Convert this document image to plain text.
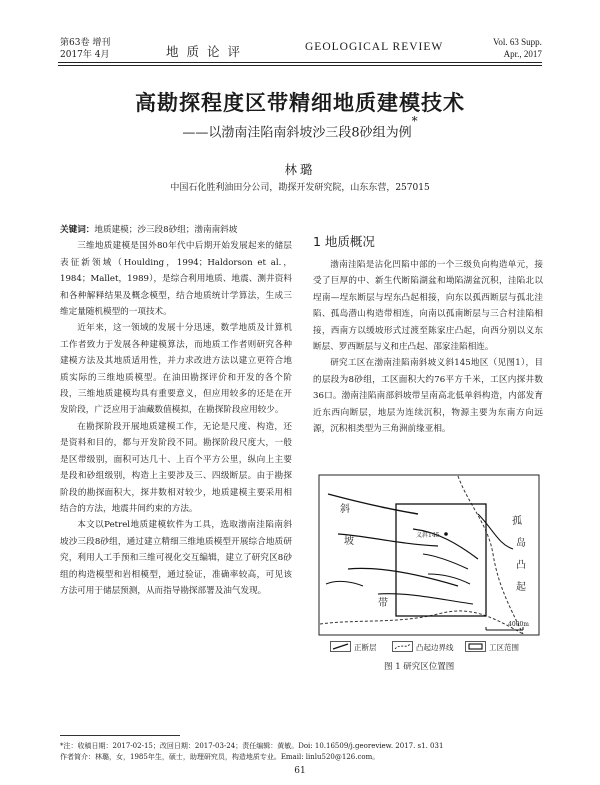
第63卷 增刊
2017年 4月	地质论评	GEOLOGICAL REVIEW	Vol. 63 Supp.
Apr., 2017
高勘探程度区带精细地质建模技术
——以渤南洼陷南斜坡沙三段8砂组为例*
林璐
中国石化胜利油田分公司，勘探开发研究院，山东东营，257015

关键词：地质建模；沙三段8砂组；渤南南斜坡

三维地质建模是国外80年代中后期开始发展起来的储层表征新领域（Houlding，1994；Haldorson et al.，1984；Mallet，1989），是综合利用地质、地震、测井资料和各种解释结果及概念模型，结合地质统计学算法，生成三维定量随机模型的一项技术。

近年来，这一领域的发展十分迅速，数学地质及计算机工作者致力于发展各种建模算法，而地质工作者则研究各种建模方法及其地质适用性，并力求改进方法以建立更符合地质实际的三维地质模型。在油田勘探评价和开发的各个阶段，三维地质建模均具有重要意义，但应用较多的还是在开发阶段，广泛应用于油藏数值模拟，在勘探阶段应用较少。

在勘探阶段开展地质建模工作，无论是尺度、构造，还是资料和目的，都与开发阶段不同。勘探阶段尺度大，一般是区带级别，面积可达几十、上百个平方公里，纵向上主要是段和砂组级别，构造上主要涉及三、四级断层。由于勘探阶段的勘探面积大，探井数相对较少，地质建模主要采用相结合的方法，地震井间约束的方法。

本文以Petrel地质建模软件为工具，选取渤南洼陷南斜坡沙三段8砂组，通过建立精细三维地质模型开展综合地质研究，利用人工手预和三维可视化交互编辑，建立了研究区8砂组的构造模型和岩相模型，通过验证，准确率较高，可见该方法可用于储层预测，从而指导勘探部署及油气发现。

1 地质概况

渤南洼陷是沾化凹陷中部的一个三级负向构造单元，接受了巨厚的中、新生代断陷湖盆和坳陷湖盆沉积，洼陷北以埕南—埕东断层与埕东凸起相接，向东以孤西断层与孤北洼陷、孤岛潜山构造带相连，向南以孤南断层与三合村洼陷相接，西南方以缓坡形式过渡至陈家庄凸起，向西分别以义东断层、罗西断层与义和庄凸起、邵家洼陷相连。

研究工区在渤南洼陷南斜坡义斜145地区（见图1），目的层段为8砂组，工区面积大约76平方千米，工区内探井数36口。渤南洼陷南部斜坡带呈南高北低单斜构造，内部发育近东西向断层，地层为连续沉积，物源主要为东南方向远源，沉积相类型为三角洲前缘亚相。

义斜145
斜
坡
带
孤
岛
凸
起
4000m
正断层	凸起边界线	工区范围
图 1 研究区位置图
*注：收稿日期：2017-02-15；改回日期：2017-03-24；责任编辑：黄敏。Doi: 10.16509/j.georeview. 2017. s1. 031
作者简介：林璐，女，1985年生，硕士，助理研究员，构造地质专业。Email: linlu520@126.com。
61
